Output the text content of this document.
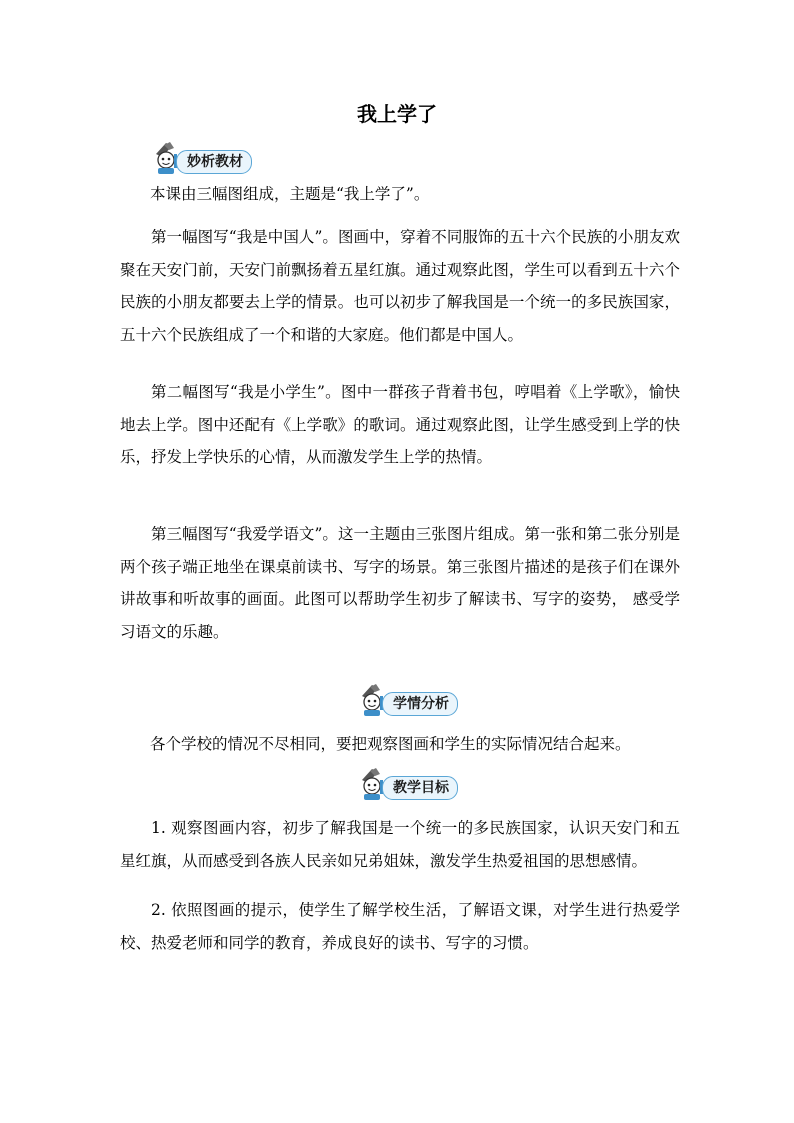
我上学了
妙析教材

本课由三幅图组成，主题是“我上学了”。

第一幅图写“我是中国人”。图画中，穿着不同服饰的五十六个民族的小朋友欢聚在天安门前，天安门前飘扬着五星红旗。通过观察此图，学生可以看到五十六个民族的小朋友都要去上学的情景。也可以初步了解我国是一个统一的多民族国家，五十六个民族组成了一个和谐的大家庭。他们都是中国人。

第二幅图写“我是小学生”。图中一群孩子背着书包，哼唱着《上学歌》，愉快地去上学。图中还配有《上学歌》的歌词。通过观察此图，让学生感受到上学的快乐，抒发上学快乐的心情，从而激发学生上学的热情。

第三幅图写“我爱学语文”。这一主题由三张图片组成。第一张和第二张分别是两个孩子端正地坐在课桌前读书、写字的场景。第三张图片描述的是孩子们在课外讲故事和听故事的画面。此图可以帮助学生初步了解读书、写字的姿势， 感受学习语文的乐趣。

学情分析

各个学校的情况不尽相同，要把观察图画和学生的实际情况结合起来。

教学目标

1. 观察图画内容，初步了解我国是一个统一的多民族国家，认识天安门和五星红旗，从而感受到各族人民亲如兄弟姐妹，激发学生热爱祖国的思想感情。

2. 依照图画的提示，使学生了解学校生活，了解语文课，对学生进行热爱学校、热爱老师和同学的教育，养成良好的读书、写字的习惯。
